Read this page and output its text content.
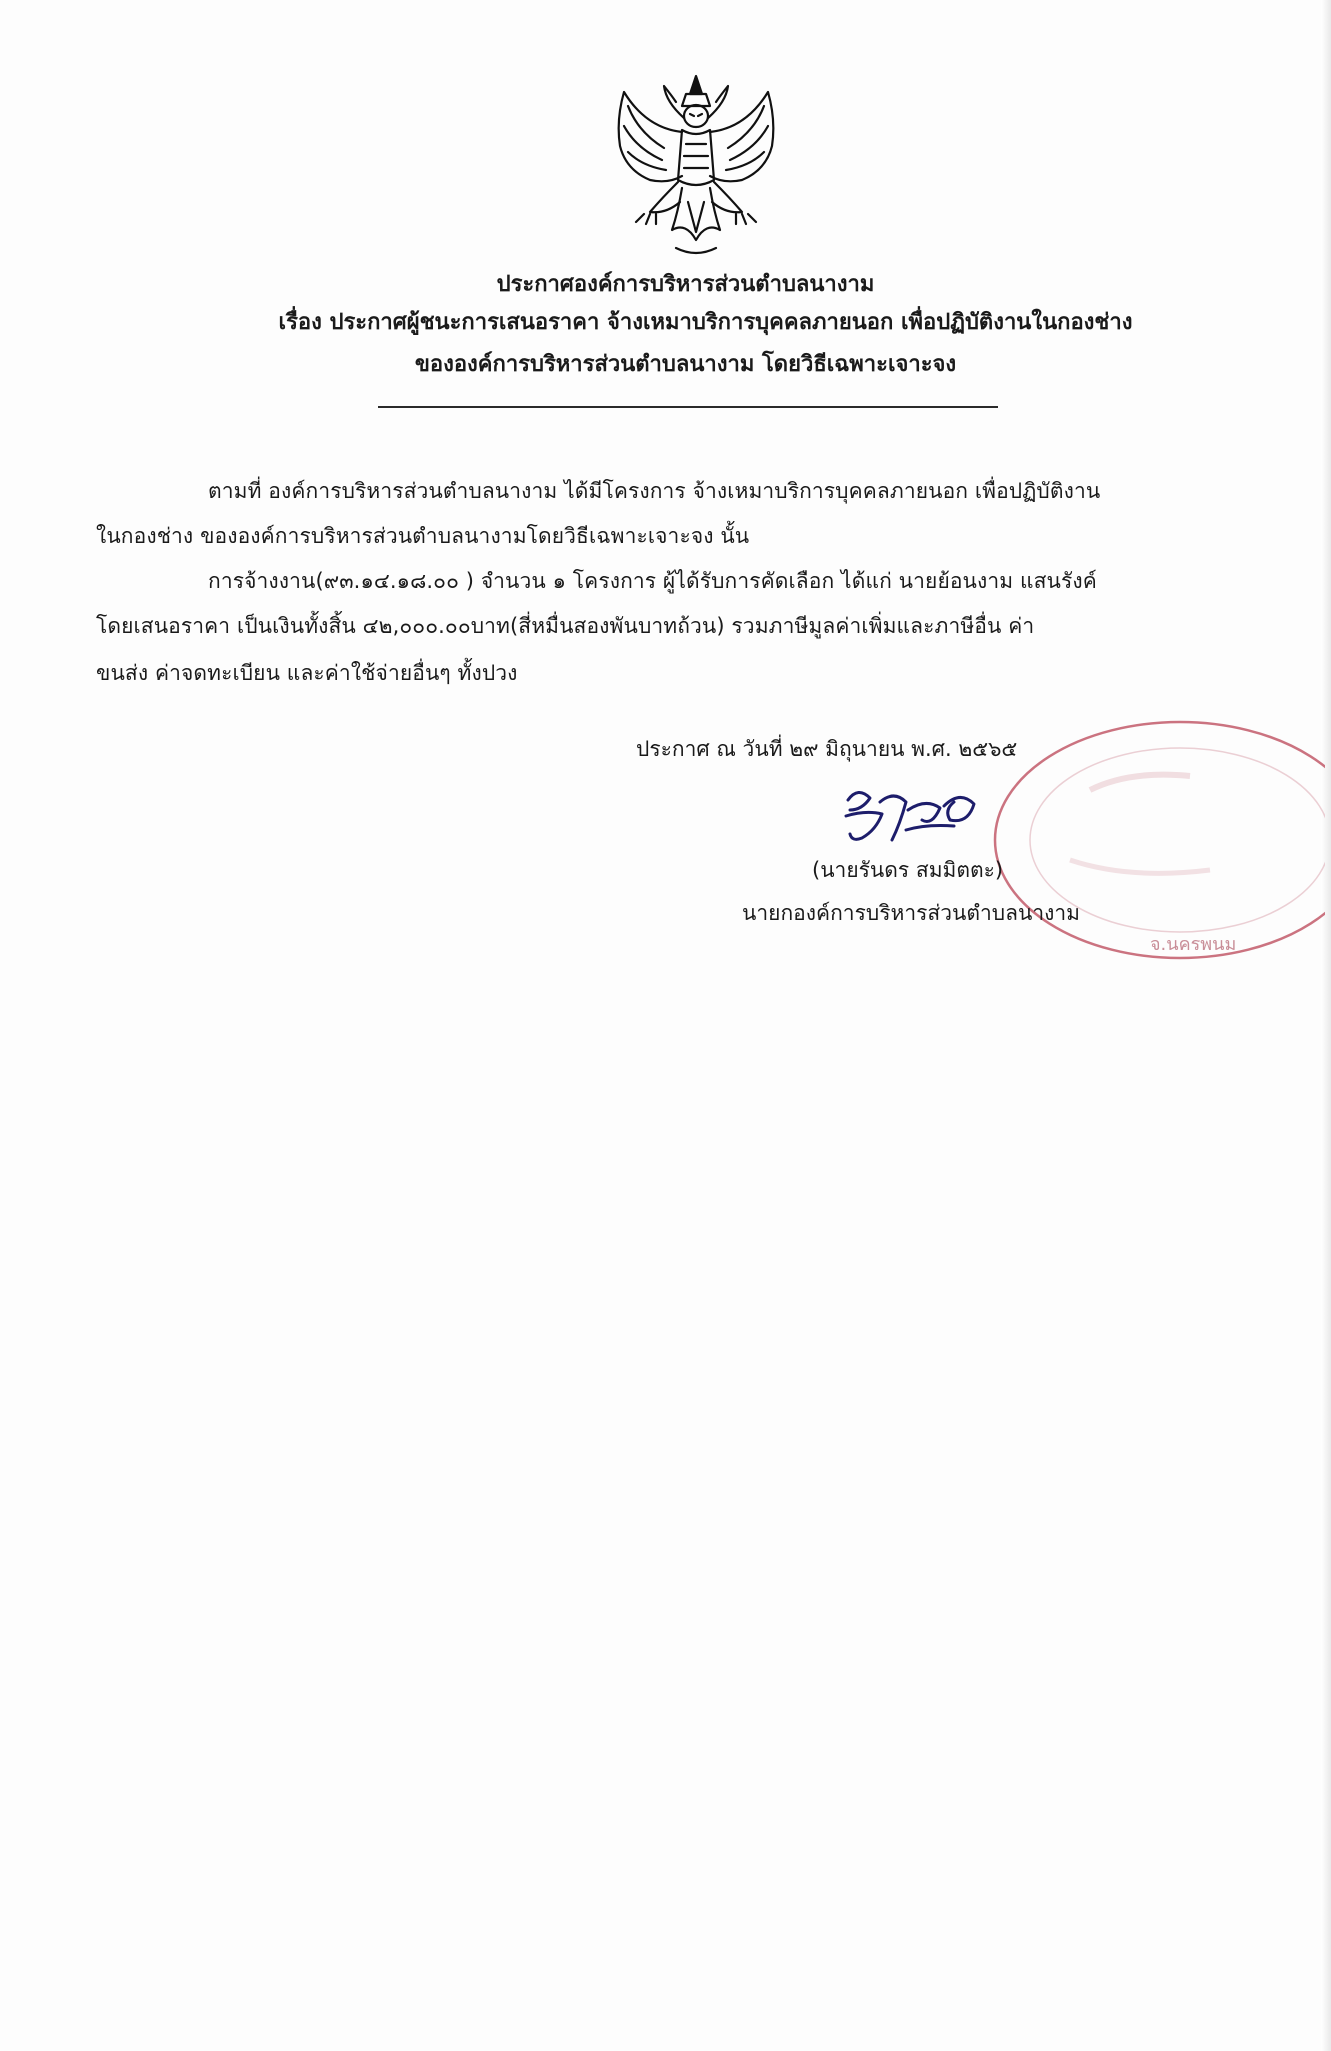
ประกาศองค์การบริหารส่วนตำบลนางาม
เรื่อง ประกาศผู้ชนะการเสนอราคา จ้างเหมาบริการบุคคลภายนอก เพื่อปฏิบัติงานในกองช่าง
ขององค์การบริหารส่วนตำบลนางาม โดยวิธีเฉพาะเจาะจง
ตามที่ องค์การบริหารส่วนตำบลนางาม ได้มีโครงการ จ้างเหมาบริการบุคคลภายนอก เพื่อปฏิบัติงาน
ในกองช่าง ขององค์การบริหารส่วนตำบลนางามโดยวิธีเฉพาะเจาะจง นั้น
การจ้างงาน(๙๓.๑๔.๑๘.๐๐ ) จำนวน ๑ โครงการ ผู้ได้รับการคัดเลือก ได้แก่ นายย้อนงาม แสนรังค์
โดยเสนอราคา เป็นเงินทั้งสิ้น ๔๒,๐๐๐.๐๐บาท(สี่หมื่นสองพันบาทถ้วน) รวมภาษีมูลค่าเพิ่มและภาษีอื่น ค่า
ขนส่ง ค่าจดทะเบียน และค่าใช้จ่ายอื่นๆ ทั้งปวง
ประกาศ ณ วันที่ ๒๙ มิถุนายน พ.ศ. ๒๕๖๕
จ.นครพนม
(นายรันดร สมมิตตะ)
นายกองค์การบริหารส่วนตำบลนางาม
